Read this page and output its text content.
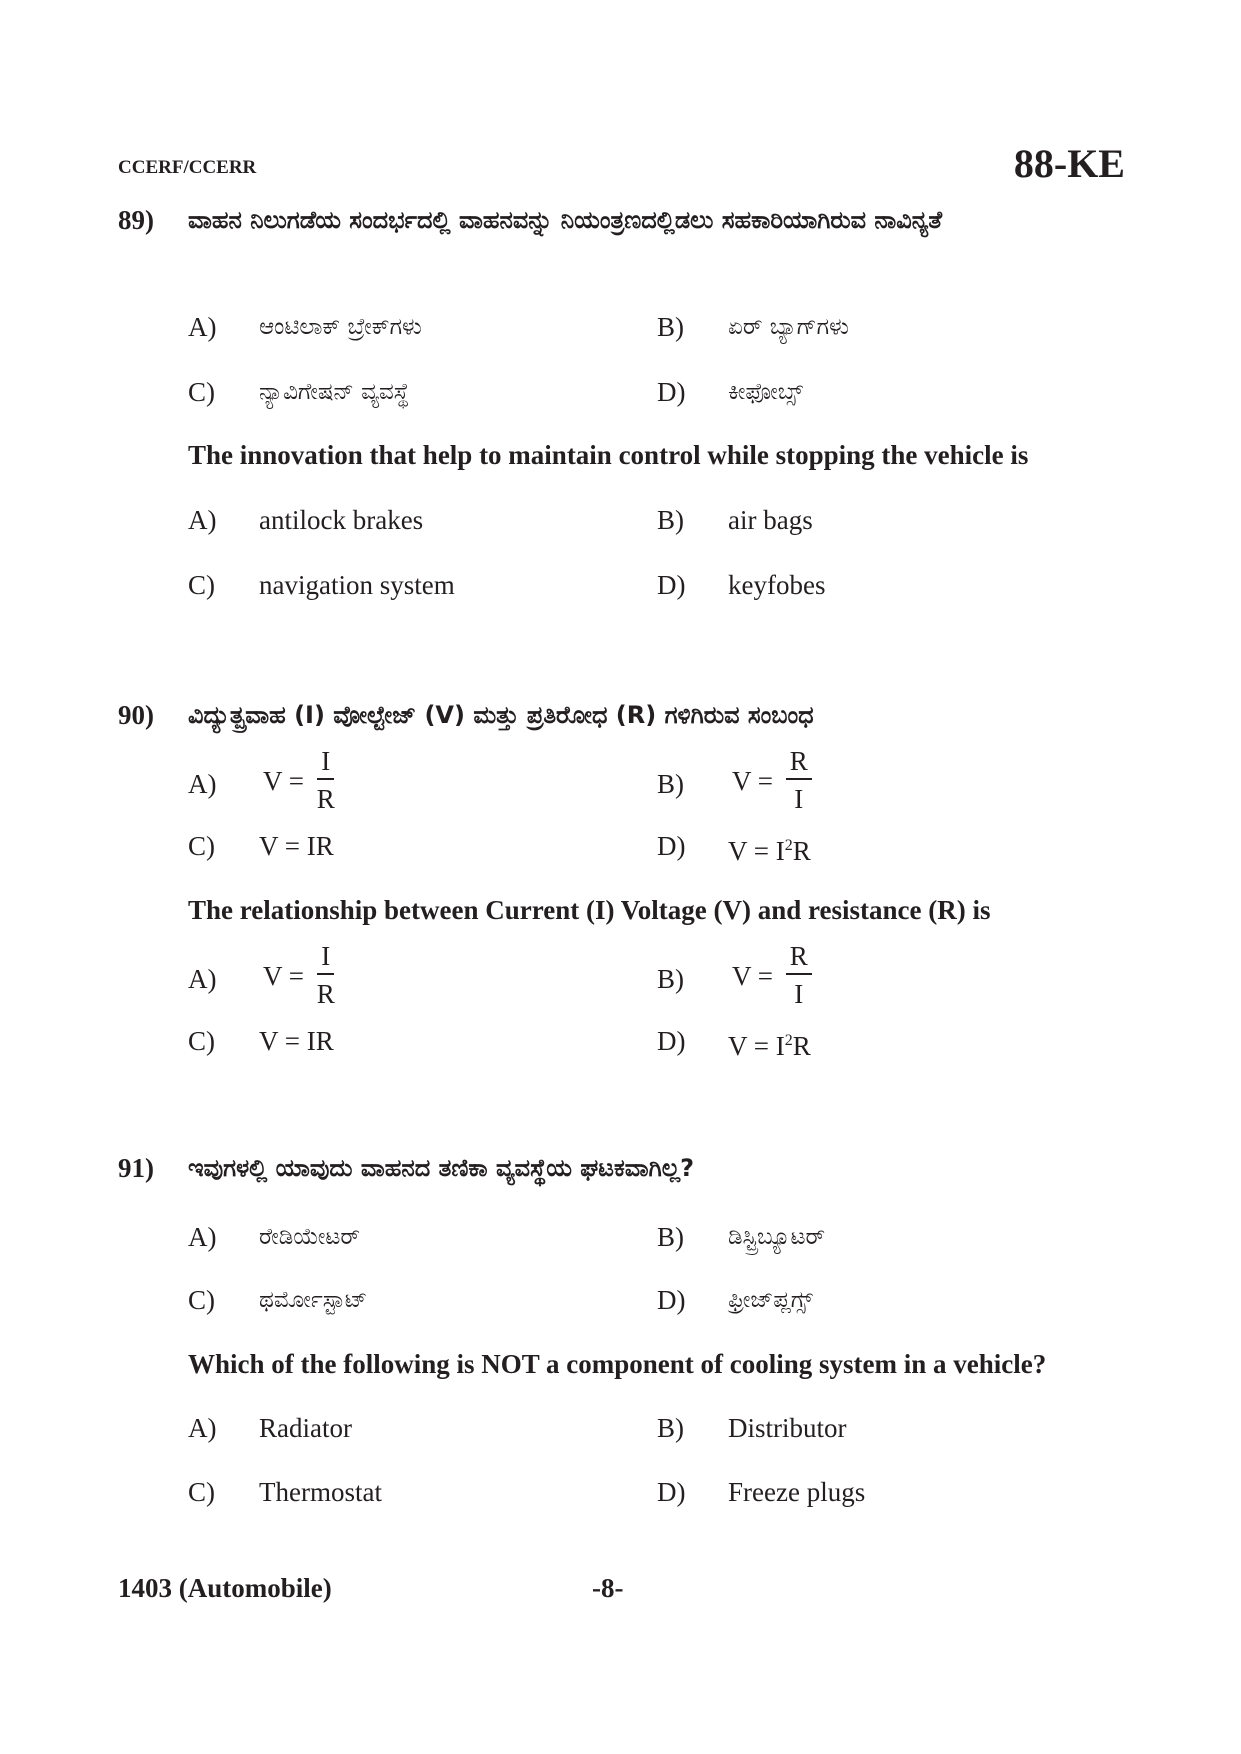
CCERF/CCERR	88-KE
89) ವಾಹನ ನಿಲುಗಡೆಯ ಸಂದರ್ಭದಲ್ಲಿ ವಾಹನವನ್ನು ನಿಯಂತ್ರಣದಲ್ಲಿಡಲು ಸಹಕಾರಿಯಾಗಿರುವ ನಾವಿನ್ಯತೆ
A) ಆಂಟಿಲಾಕ್ ಬ್ರೇಕ್‌ಗಳು	B) ಏರ್ ಬ್ಯಾಗ್‌ಗಳು
C) ನ್ಯಾವಿಗೇಷನ್ ವ್ಯವಸ್ಥೆ	D) ಕೀಫೋಬ್ಸ್
The innovation that help to maintain control while stopping the vehicle is
A) antilock brakes	B) air bags
C) navigation system	D) keyfobes
90) ವಿದ್ಯುತ್ಪ್ರವಾಹ (I) ವೋಲ್ಟೇಜ್ (V) ಮತ್ತು ಪ್ರತಿರೋಧ (R) ಗಳಿಗಿರುವ ಸಂಬಂಧ
A) $V = \frac{I}{R}$	B) $V = \frac{R}{I}$
C) V = IR	D) $V = I^2R$
The relationship between Current (I) Voltage (V) and resistance (R) is
A) $V = \frac{I}{R}$	B) $V = \frac{R}{I}$
C) V = IR	D) $V = I^2R$
91) ಇವುಗಳಲ್ಲಿ ಯಾವುದು ವಾಹನದ ತಣಿಕಾ ವ್ಯವಸ್ಥೆಯ ಘಟಕವಾಗಿಲ್ಲ?
A) ರೇಡಿಯೇಟರ್	B) ಡಿಸ್ಟ್ರಿಬ್ಯೂಟರ್
C) ಥರ್ಮೋಸ್ಟಾಟ್	D) ಫ್ರೀಜ್‌ಪ್ಲಗ್ಸ್
Which of the following is NOT a component of cooling system in a vehicle?
A) Radiator	B) Distributor
C) Thermostat	D) Freeze plugs
1403 (Automobile)	-8-
